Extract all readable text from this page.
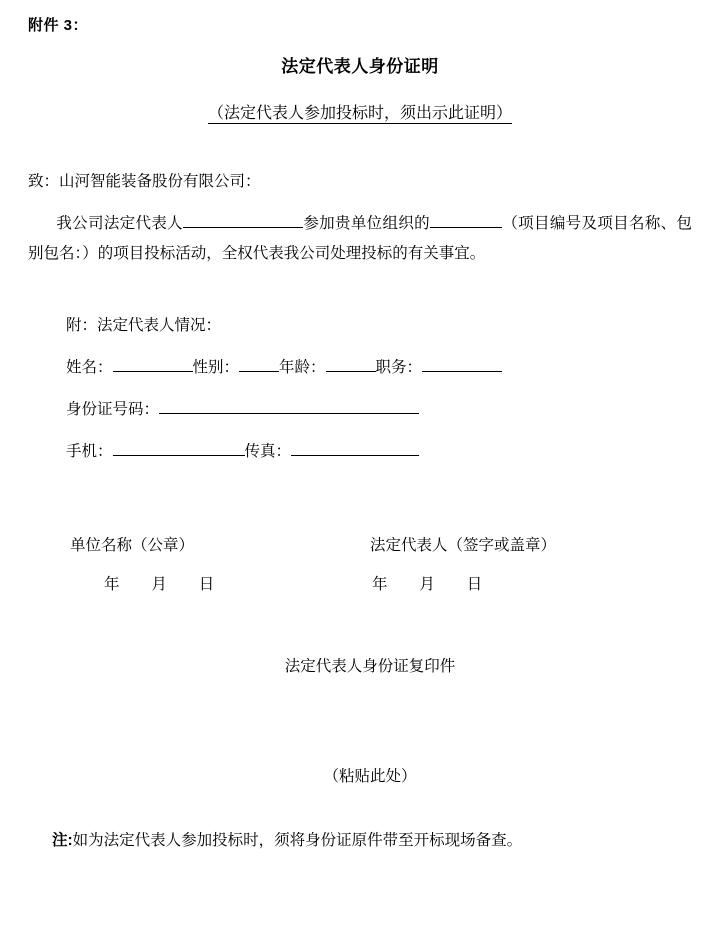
附件 3：
法定代表人身份证明
（法定代表人参加投标时，须出示此证明）
致：山河智能装备股份有限公司：
我公司法定代表人	参加贵单位组织的	（项目编号及项目名称、包别包名：）的项目投标活动，全权代表我公司处理投标的有关事宜。
附：法定代表人情况：
姓名：	性别：	年龄：	职务：
身份证号码：
手机：	传真：
单位名称（公章）	法定代表人（签字或盖章）
年 月 日	年 月 日
法定代表人身份证复印件
（粘贴此处）
注:如为法定代表人参加投标时，须将身份证原件带至开标现场备查。
